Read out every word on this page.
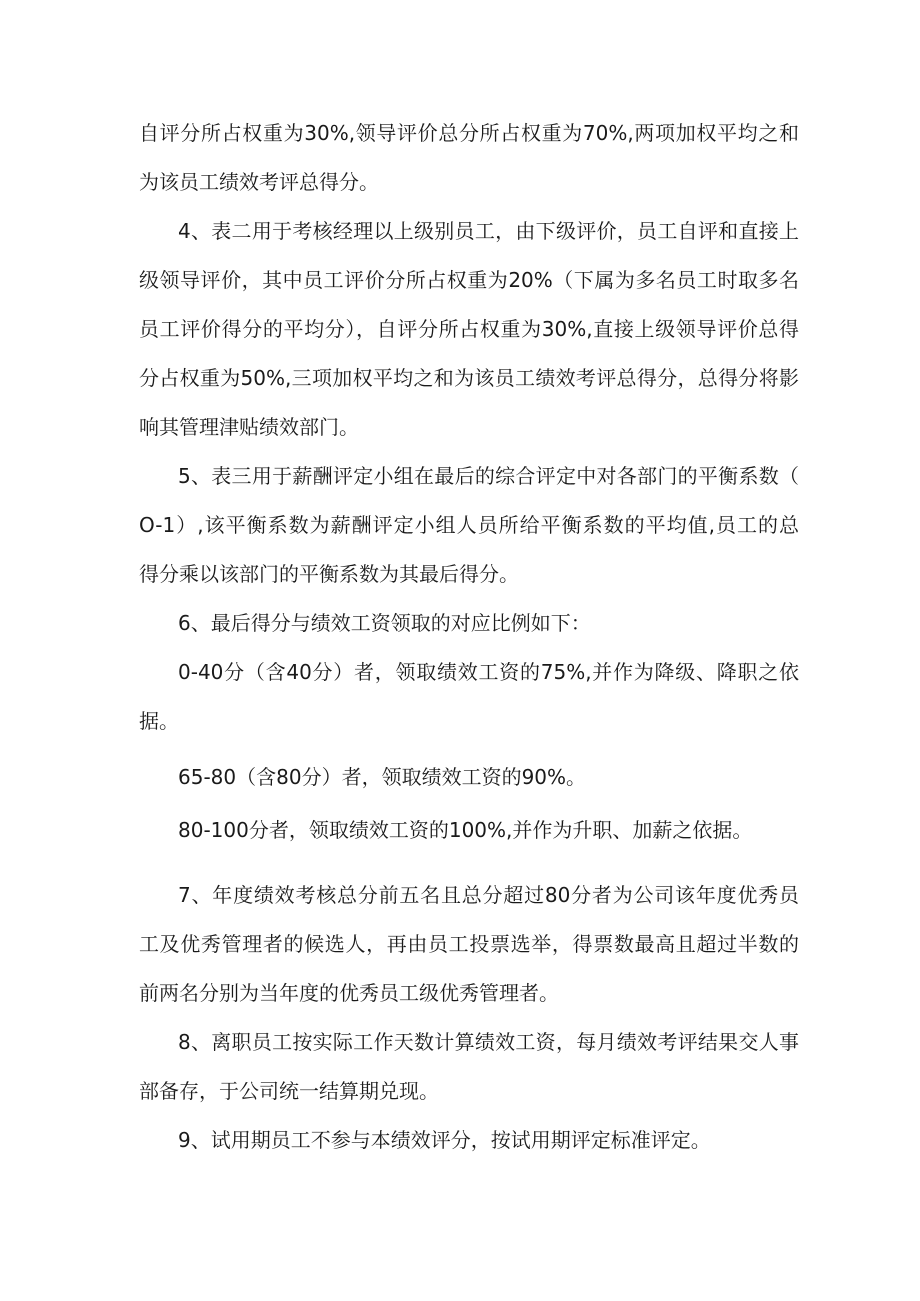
自评分所占权重为30%,领导评价总分所占权重为70%,两项加权平均之和
为该员工绩效考评总得分。
4、表二用于考核经理以上级别员工，由下级评价，员工自评和直接上
级领导评价，其中员工评价分所占权重为20%（下属为多名员工时取多名
员工评价得分的平均分），自评分所占权重为30%,直接上级领导评价总得
分占权重为50%,三项加权平均之和为该员工绩效考评总得分，总得分将影
响其管理津贴绩效部门。
5、表三用于薪酬评定小组在最后的综合评定中对各部门的平衡系数（
O-1）,该平衡系数为薪酬评定小组人员所给平衡系数的平均值,员工的总
得分乘以该部门的平衡系数为其最后得分。
6、最后得分与绩效工资领取的对应比例如下：
0-40分（含40分）者，领取绩效工资的75%,并作为降级、降职之依
据。
65-80（含80分）者，领取绩效工资的90%。
80-100分者，领取绩效工资的100%,并作为升职、加薪之依据。
7、年度绩效考核总分前五名且总分超过80分者为公司该年度优秀员
工及优秀管理者的候选人，再由员工投票选举，得票数最高且超过半数的
前两名分别为当年度的优秀员工级优秀管理者。
8、离职员工按实际工作天数计算绩效工资，每月绩效考评结果交人事
部备存，于公司统一结算期兑现。
9、试用期员工不参与本绩效评分，按试用期评定标准评定。
